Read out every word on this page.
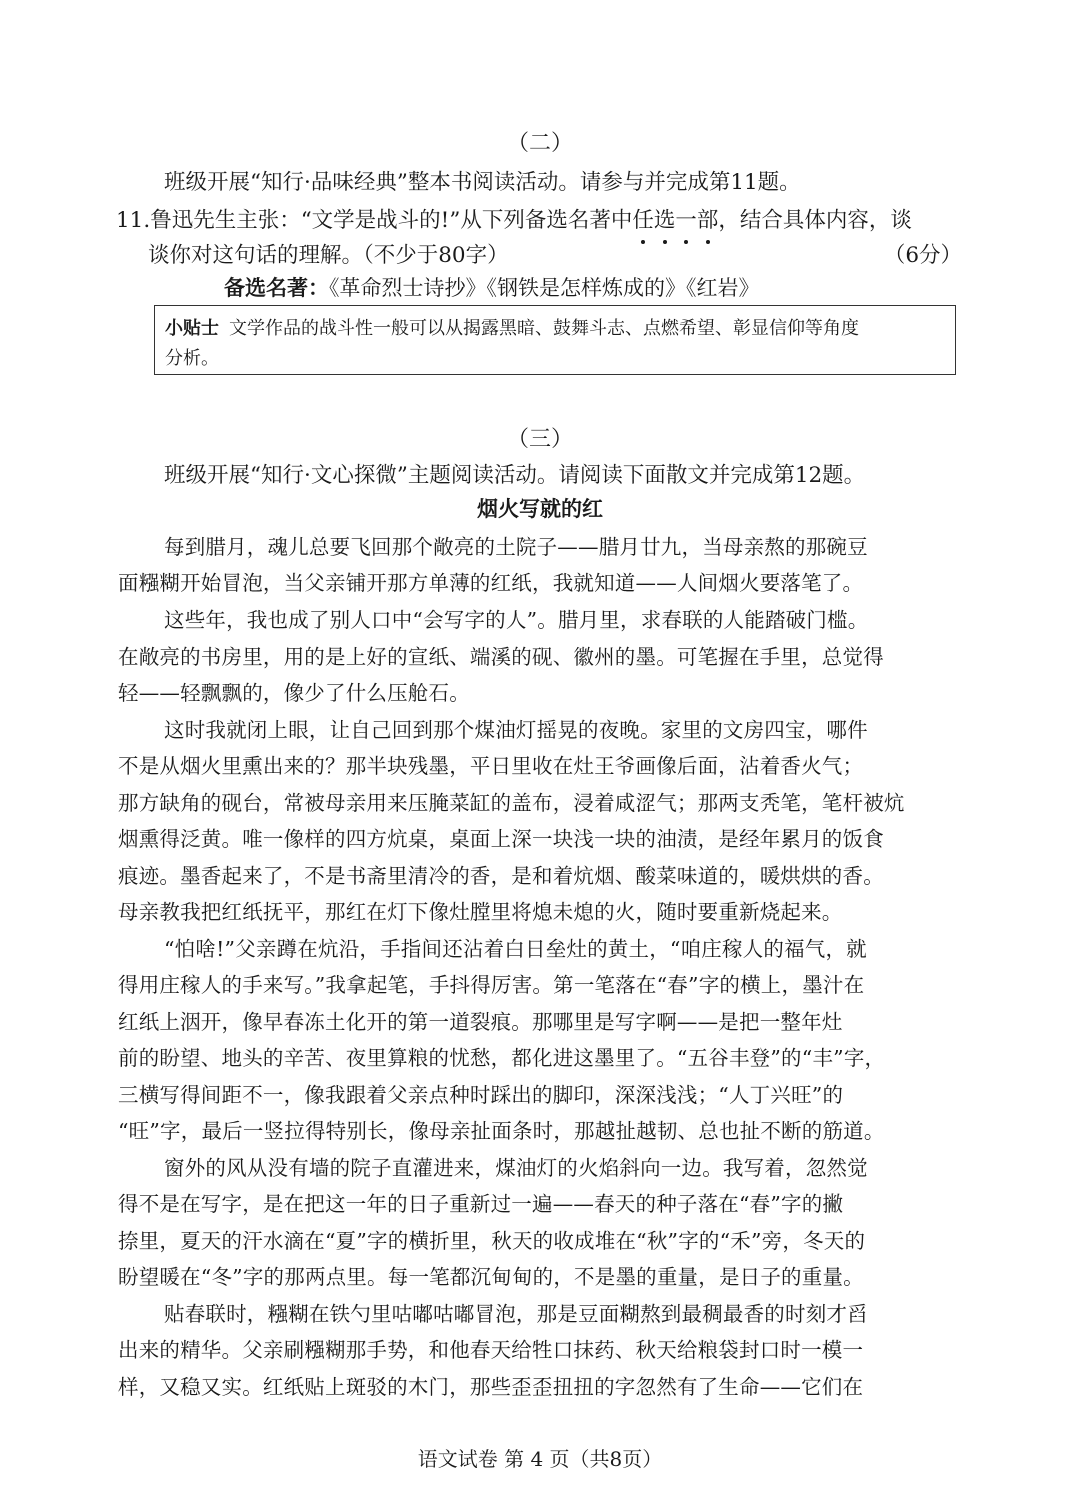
（二）
班级开展“知行·品味经典”整本书阅读活动。请参与并完成第11题。
11.鲁迅先生主张：“文学是战斗的!”从下列备选名著中任选一部，结合具体内容，谈
谈你对这句话的理解。（不少于80字）	（6分）
备选名著：《革命烈士诗抄》《钢铁是怎样炼成的》《红岩》
小贴士 文学作品的战斗性一般可以从揭露黑暗、鼓舞斗志、点燃希望、彰显信仰等角度
分析。
（三）
班级开展“知行·文心探微”主题阅读活动。请阅读下面散文并完成第12题。
烟火写就的红
每到腊月，魂儿总要飞回那个敞亮的土院子——腊月廿九，当母亲熬的那碗豆
面糨糊开始冒泡，当父亲铺开那方单薄的红纸，我就知道——人间烟火要落笔了。
这些年，我也成了别人口中“会写字的人”。腊月里，求春联的人能踏破门槛。
在敞亮的书房里，用的是上好的宣纸、端溪的砚、徽州的墨。可笔握在手里，总觉得
轻——轻飘飘的，像少了什么压舱石。
这时我就闭上眼，让自己回到那个煤油灯摇晃的夜晚。家里的文房四宝，哪件
不是从烟火里熏出来的？那半块残墨，平日里收在灶王爷画像后面，沾着香火气；
那方缺角的砚台，常被母亲用来压腌菜缸的盖布，浸着咸涩气；那两支秃笔，笔杆被炕
烟熏得泛黄。唯一像样的四方炕桌，桌面上深一块浅一块的油渍，是经年累月的饭食
痕迹。墨香起来了，不是书斋里清冷的香，是和着炕烟、酸菜味道的，暖烘烘的香。
母亲教我把红纸抚平，那红在灯下像灶膛里将熄未熄的火，随时要重新烧起来。
“怕啥!”父亲蹲在炕沿，手指间还沾着白日垒灶的黄土，“咱庄稼人的福气，就
得用庄稼人的手来写。”我拿起笔，手抖得厉害。第一笔落在“春”字的横上，墨汁在
红纸上洇开，像早春冻土化开的第一道裂痕。那哪里是写字啊——是把一整年灶
前的盼望、地头的辛苦、夜里算粮的忧愁，都化进这墨里了。“五谷丰登”的“丰”字，
三横写得间距不一，像我跟着父亲点种时踩出的脚印，深深浅浅；“人丁兴旺”的
“旺”字，最后一竖拉得特别长，像母亲扯面条时，那越扯越韧、总也扯不断的筋道。
窗外的风从没有墙的院子直灌进来，煤油灯的火焰斜向一边。我写着，忽然觉
得不是在写字，是在把这一年的日子重新过一遍——春天的种子落在“春”字的撇
捺里，夏天的汗水滴在“夏”字的横折里，秋天的收成堆在“秋”字的“禾”旁，冬天的
盼望暖在“冬”字的那两点里。每一笔都沉甸甸的，不是墨的重量，是日子的重量。
贴春联时，糨糊在铁勺里咕嘟咕嘟冒泡，那是豆面糊熬到最稠最香的时刻才舀
出来的精华。父亲刷糨糊那手势，和他春天给牲口抹药、秋天给粮袋封口时一模一
样，又稳又实。红纸贴上斑驳的木门，那些歪歪扭扭的字忽然有了生命——它们在
语文试卷 第 4 页（共8页）
